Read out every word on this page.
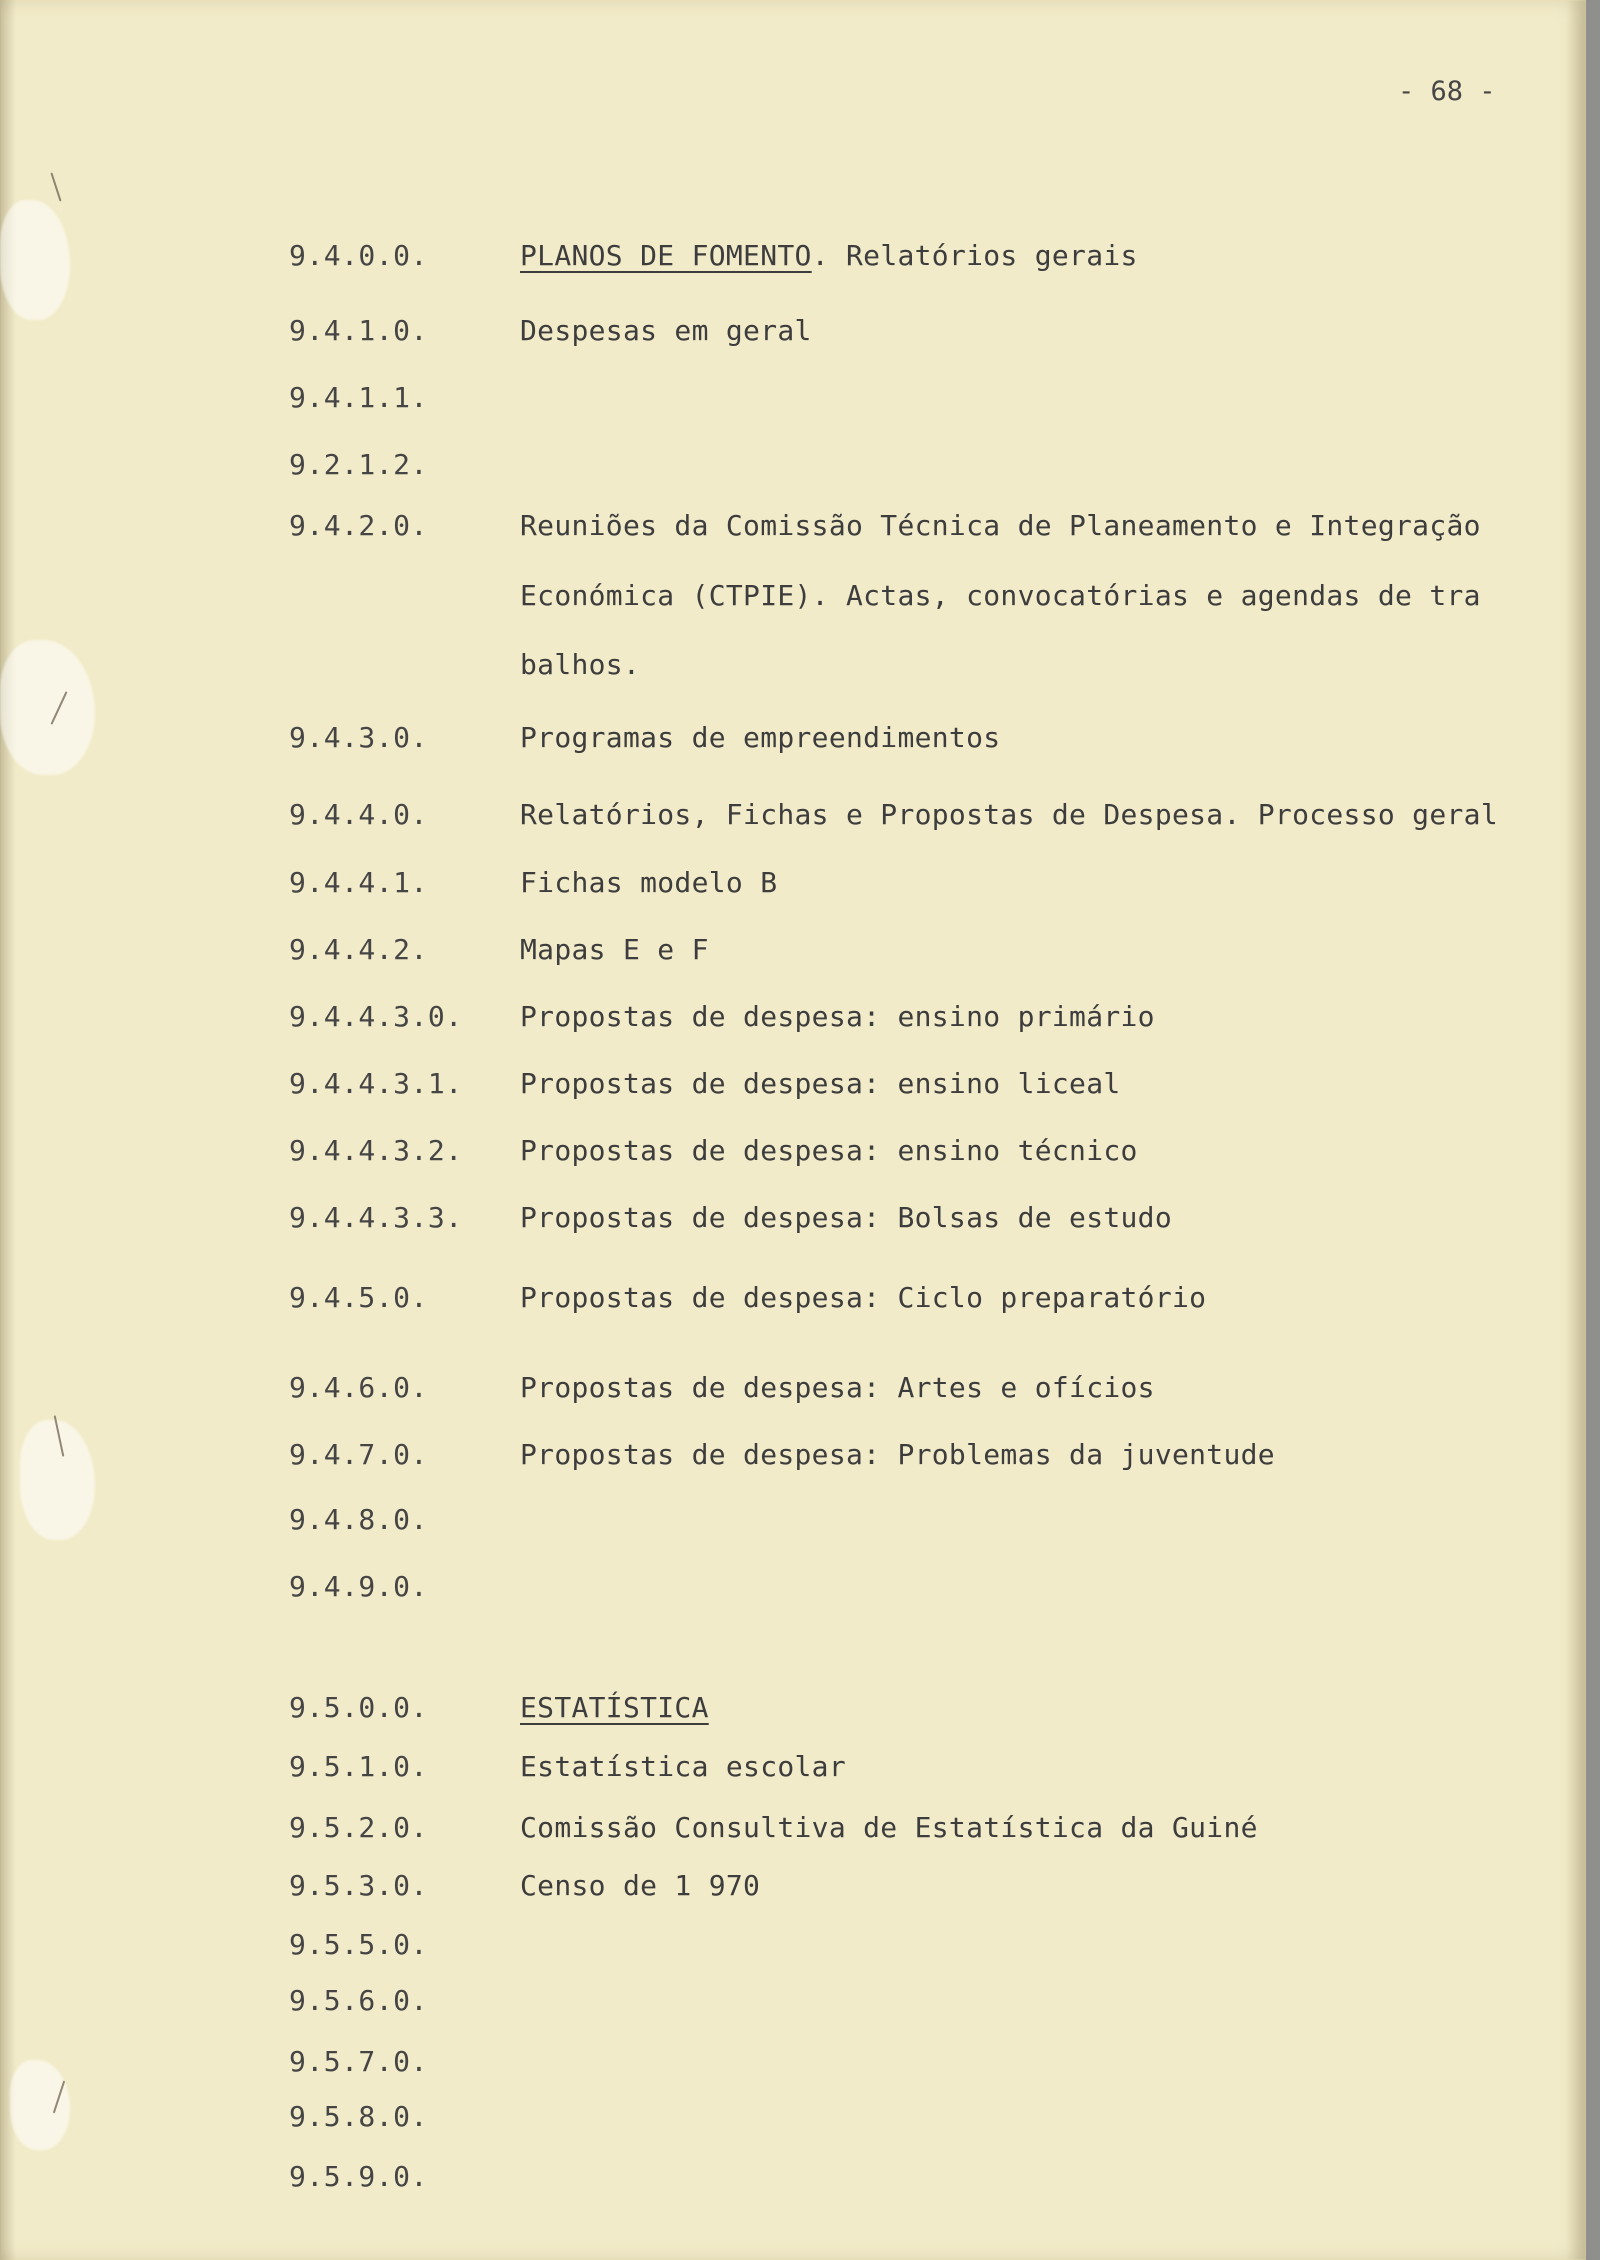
- 68 -
9.4.0.0.	PLANOS DE FOMENTO. Relatórios gerais
9.4.1.0.	Despesas em geral
9.4.1.1.
9.2.1.2.
9.4.2.0.	Reuniões da Comissão Técnica de Planeamento e Integração
Económica (CTPIE). Actas, convocatórias e agendas de tra
balhos.
9.4.3.0.	Programas de empreendimentos
9.4.4.0.	Relatórios, Fichas e Propostas de Despesa. Processo geral
9.4.4.1.	Fichas modelo B
9.4.4.2.	Mapas E e F
9.4.4.3.0. Propostas de despesa: ensino primário
9.4.4.3.1. Propostas de despesa: ensino liceal
9.4.4.3.2. Propostas de despesa: ensino técnico
9.4.4.3.3. Propostas de despesa: Bolsas de estudo
9.4.5.0.	Propostas de despesa: Ciclo preparatório
9.4.6.0.	Propostas de despesa: Artes e ofícios
9.4.7.0.	Propostas de despesa: Problemas da juventude
9.4.8.0.
9.4.9.0.
9.5.0.0.	ESTATÍSTICA
9.5.1.0.	Estatística escolar
9.5.2.0.	Comissão Consultiva de Estatística da Guiné
9.5.3.0.	Censo de 1 970
9.5.5.0.
9.5.6.0.
9.5.7.0.
9.5.8.0.
9.5.9.0.
